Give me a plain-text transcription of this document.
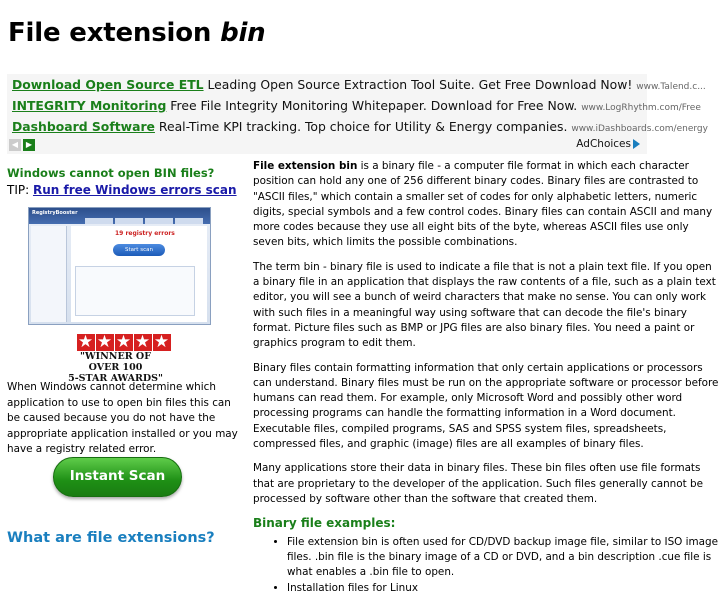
File extension bin
Download Open Source ETL Leading Open Source Extraction Tool Suite. Get Free Download Now! www.Talend.c...
INTEGRITY Monitoring Free File Integrity Monitoring Whitepaper. Download for Free Now. www.LogRhythm.com/Free
Dashboard Software Real-Time KPI tracking. Top choice for Utility & Energy companies. www.iDashboards.com/energy
◀ ▶	AdChoices
Windows cannot open BIN files?
TIP: Run free Windows errors scan
RegistryBooster
19 registry errors
Start scan
★ ★ ★ ★ ★
"WINNER OF OVER 100
5-STAR AWARDS"
When Windows cannot determine which application to use to open bin files this can be caused because you do not have the appropriate application installed or you may have a registry related error.
Instant Scan
What are file extensions?

File extension bin is a binary file - a computer file format in which each character position can hold any one of 256 different binary codes. Binary files are contrasted to "ASCII files," which contain a smaller set of codes for only alphabetic letters, numeric digits, special symbols and a few control codes. Binary files can contain ASCII and many more codes because they use all eight bits of the byte, whereas ASCII files use only seven bits, which limits the possible combinations.

The term bin - binary file is used to indicate a file that is not a plain text file. If you open a binary file in an application that displays the raw contents of a file, such as a plain text editor, you will see a bunch of weird characters that make no sense. You can only work with such files in a meaningful way using software that can decode the file's binary format. Picture files such as BMP or JPG files are also binary files. You need a paint or graphics program to edit them.

Binary files contain formatting information that only certain applications or processors can understand. Binary files must be run on the appropriate software or processor before humans can read them. For example, only Microsoft Word and possibly other word processing programs can handle the formatting information in a Word document. Executable files, compiled programs, SAS and SPSS system files, spreadsheets, compressed files, and graphic (image) files are all examples of binary files.

Many applications store their data in binary files. These bin files often use file formats that are proprietary to the developer of the application. Such files generally cannot be processed by software other than the software that created them.

Binary file examples:
• File extension bin is often used for CD/DVD backup image file, similar to ISO image files. .bin file is the binary image of a CD or DVD, and a bin description .cue file is what enables a .bin file to open.
• Installation files for Linux
